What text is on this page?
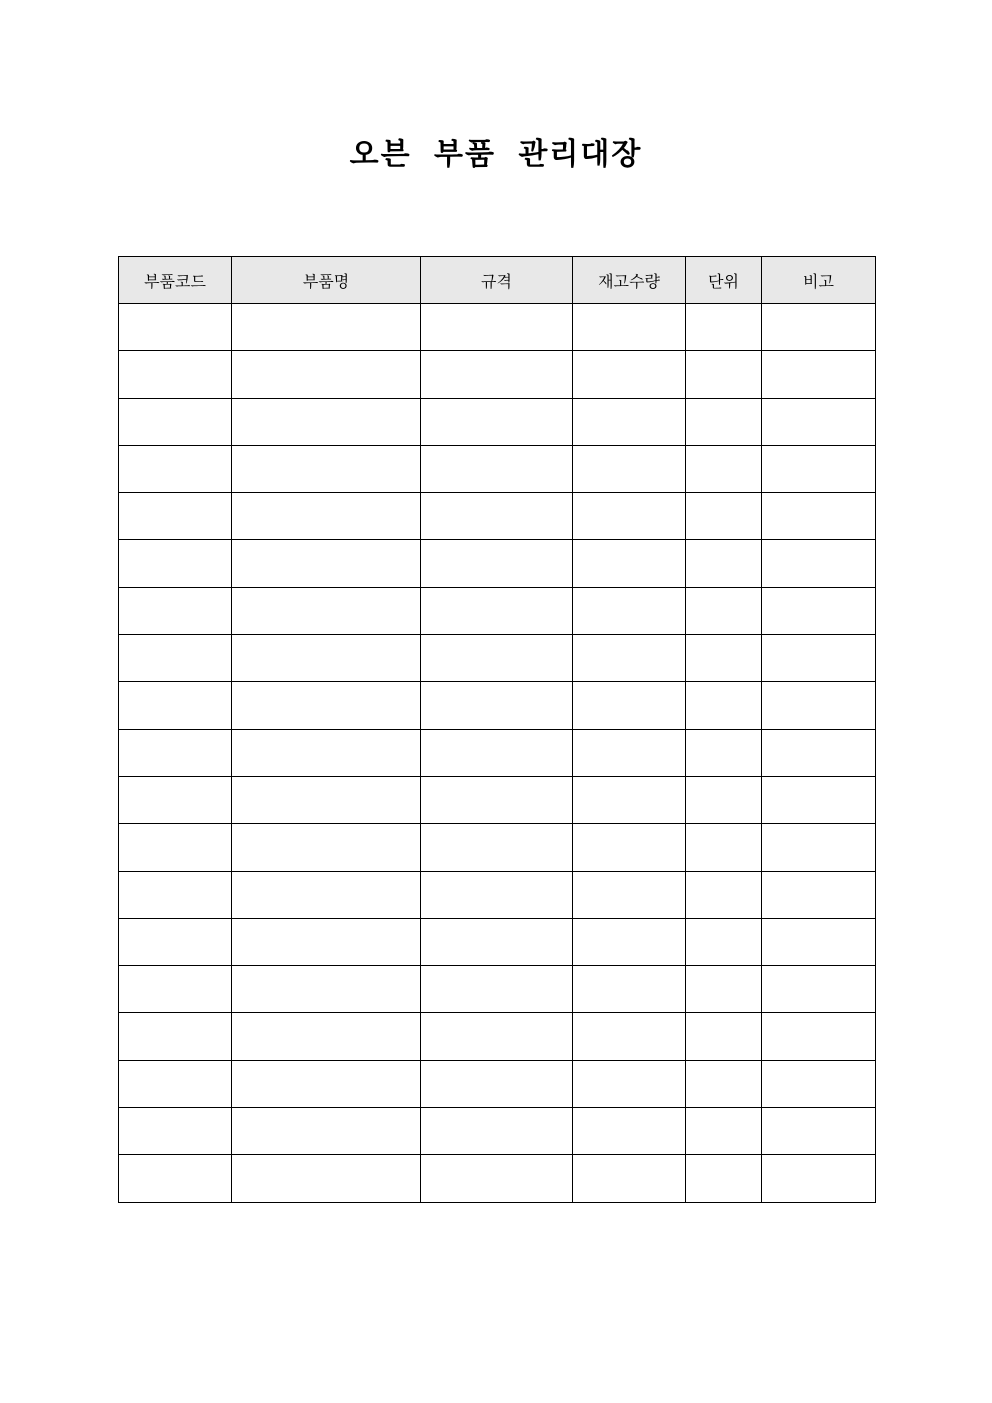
오븐 부품 관리대장
부품코드	부품명	규격	재고수량	단위	비고
